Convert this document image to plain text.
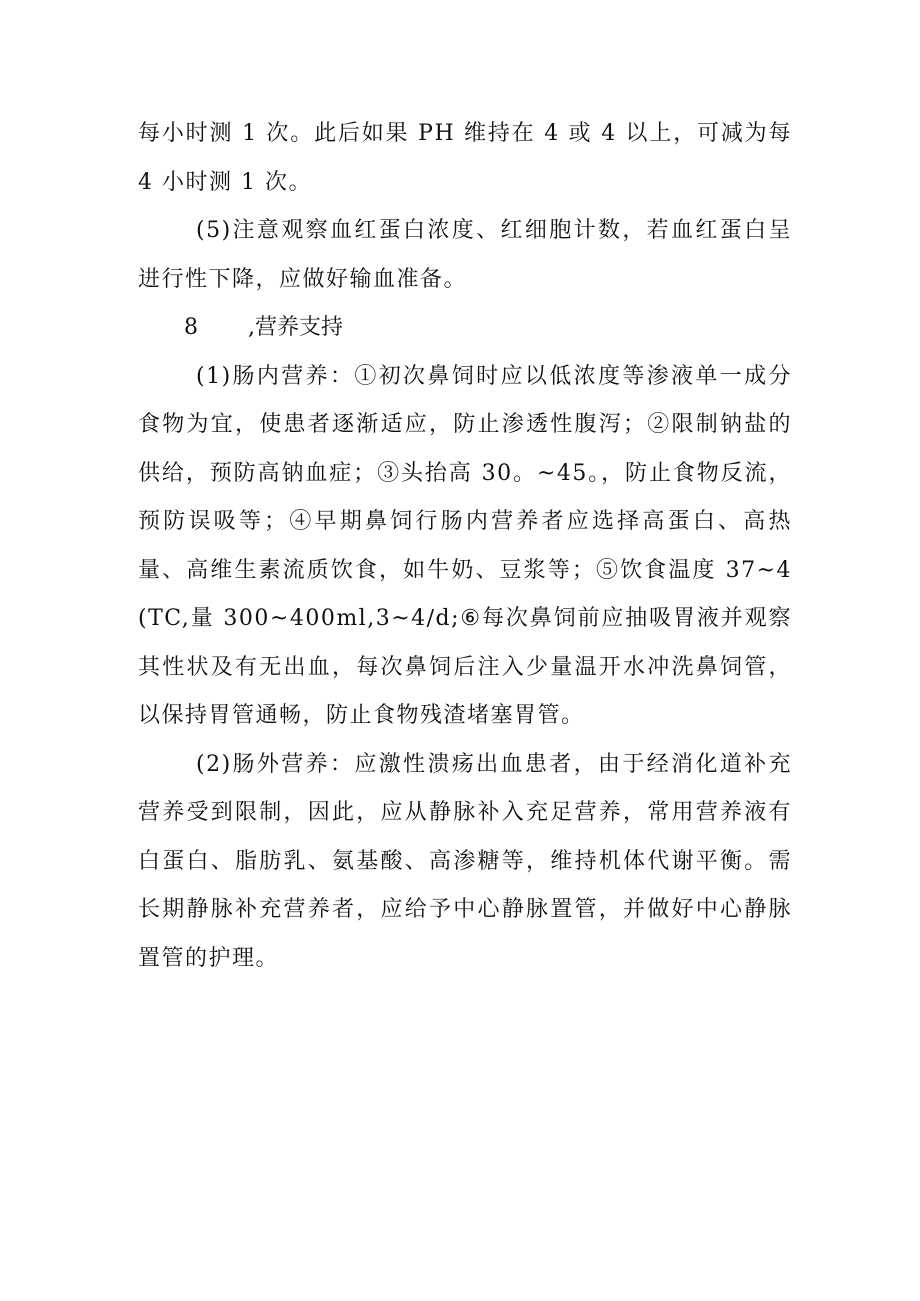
每小时测 1 次。此后如果 PH 维持在 4 或 4 以上，可减为每 4 小时测 1 次。

(5)注意观察血红蛋白浓度、红细胞计数，若血红蛋白呈进行性下降，应做好输血准备。

8 ,营养支持

(1)肠内营养：①初次鼻饲时应以低浓度等渗液单一成分食物为宜，使患者逐渐适应，防止渗透性腹泻；②限制钠盐的供给，预防高钠血症；③头抬高 30。~45。，防止食物反流，预防误吸等；④早期鼻饲行肠内营养者应选择高蛋白、高热量、高维生素流质饮食，如牛奶、豆浆等；⑤饮食温度 37~4(TC,量 300~400ml,3~4∕d;⑥每次鼻饲前应抽吸胃液并观察其性状及有无出血，每次鼻饲后注入少量温开水冲洗鼻饲管，以保持胃管通畅，防止食物残渣堵塞胃管。

(2)肠外营养：应激性溃疡出血患者，由于经消化道补充营养受到限制，因此，应从静脉补入充足营养，常用营养液有白蛋白、脂肪乳、氨基酸、高渗糖等，维持机体代谢平衡。需长期静脉补充营养者，应给予中心静脉置管，并做好中心静脉置管的护理。
